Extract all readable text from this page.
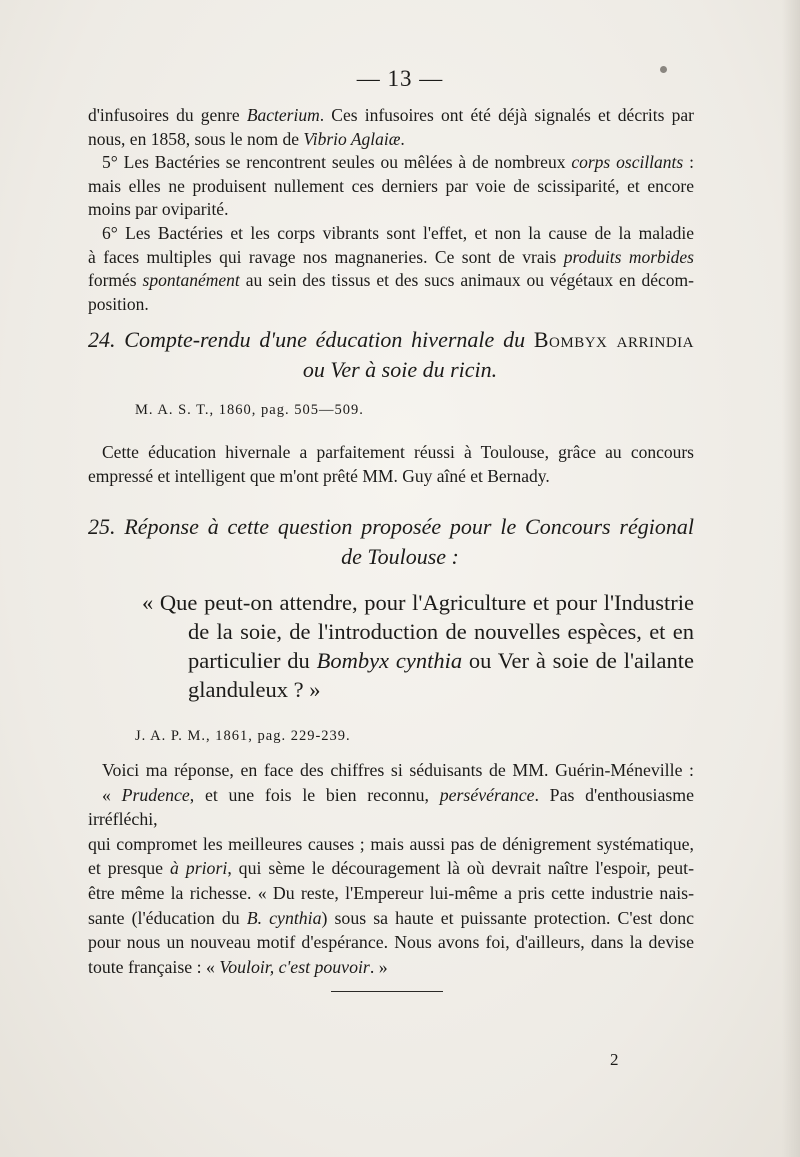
— 13 —

d'infusoires du genre Bacterium. Ces infusoires ont été déjà signalés et décrits par

nous, en 1858, sous le nom de Vibrio Aglaiæ.

5° Les Bactéries se rencontrent seules ou mêlées à de nombreux corps oscillants :

mais elles ne produisent nullement ces derniers par voie de scissiparité, et encore

moins par oviparité.

6° Les Bactéries et les corps vibrants sont l'effet, et non la cause de la maladie

à faces multiples qui ravage nos magnaneries. Ce sont de vrais produits morbides

formés spontanément au sein des tissus et des sucs animaux ou végétaux en décom-

position.

24. Compte-rendu d'une éducation hivernale du Bombyx arrindia
ou Ver à soie du ricin.
M. A. S. T., 1860, pag. 505—509.

Cette éducation hivernale a parfaitement réussi à Toulouse, grâce au concours

empressé et intelligent que m'ont prêté MM. Guy aîné et Bernady.

25. Réponse à cette question proposée pour le Concours régional
de Toulouse :

« Que peut-on attendre, pour l'Agriculture et pour l'Industrie

de la soie, de l'introduction de nouvelles espèces, et en

particulier du Bombyx cynthia ou Ver à soie de l'ailante

glanduleux ? »

J. A. P. M., 1861, pag. 229-239.

Voici ma réponse, en face des chiffres si séduisants de MM. Guérin-Méneville :

« Prudence, et une fois le bien reconnu, persévérance. Pas d'enthousiasme irréfléchi,

qui compromet les meilleures causes ; mais aussi pas de dénigrement systématique,

et presque à priori, qui sème le découragement là où devrait naître l'espoir, peut-

être même la richesse. « Du reste, l'Empereur lui-même a pris cette industrie nais-

sante (l'éducation du B. cynthia) sous sa haute et puissante protection. C'est donc

pour nous un nouveau motif d'espérance. Nous avons foi, d'ailleurs, dans la devise

toute française : « Vouloir, c'est pouvoir. »

2
